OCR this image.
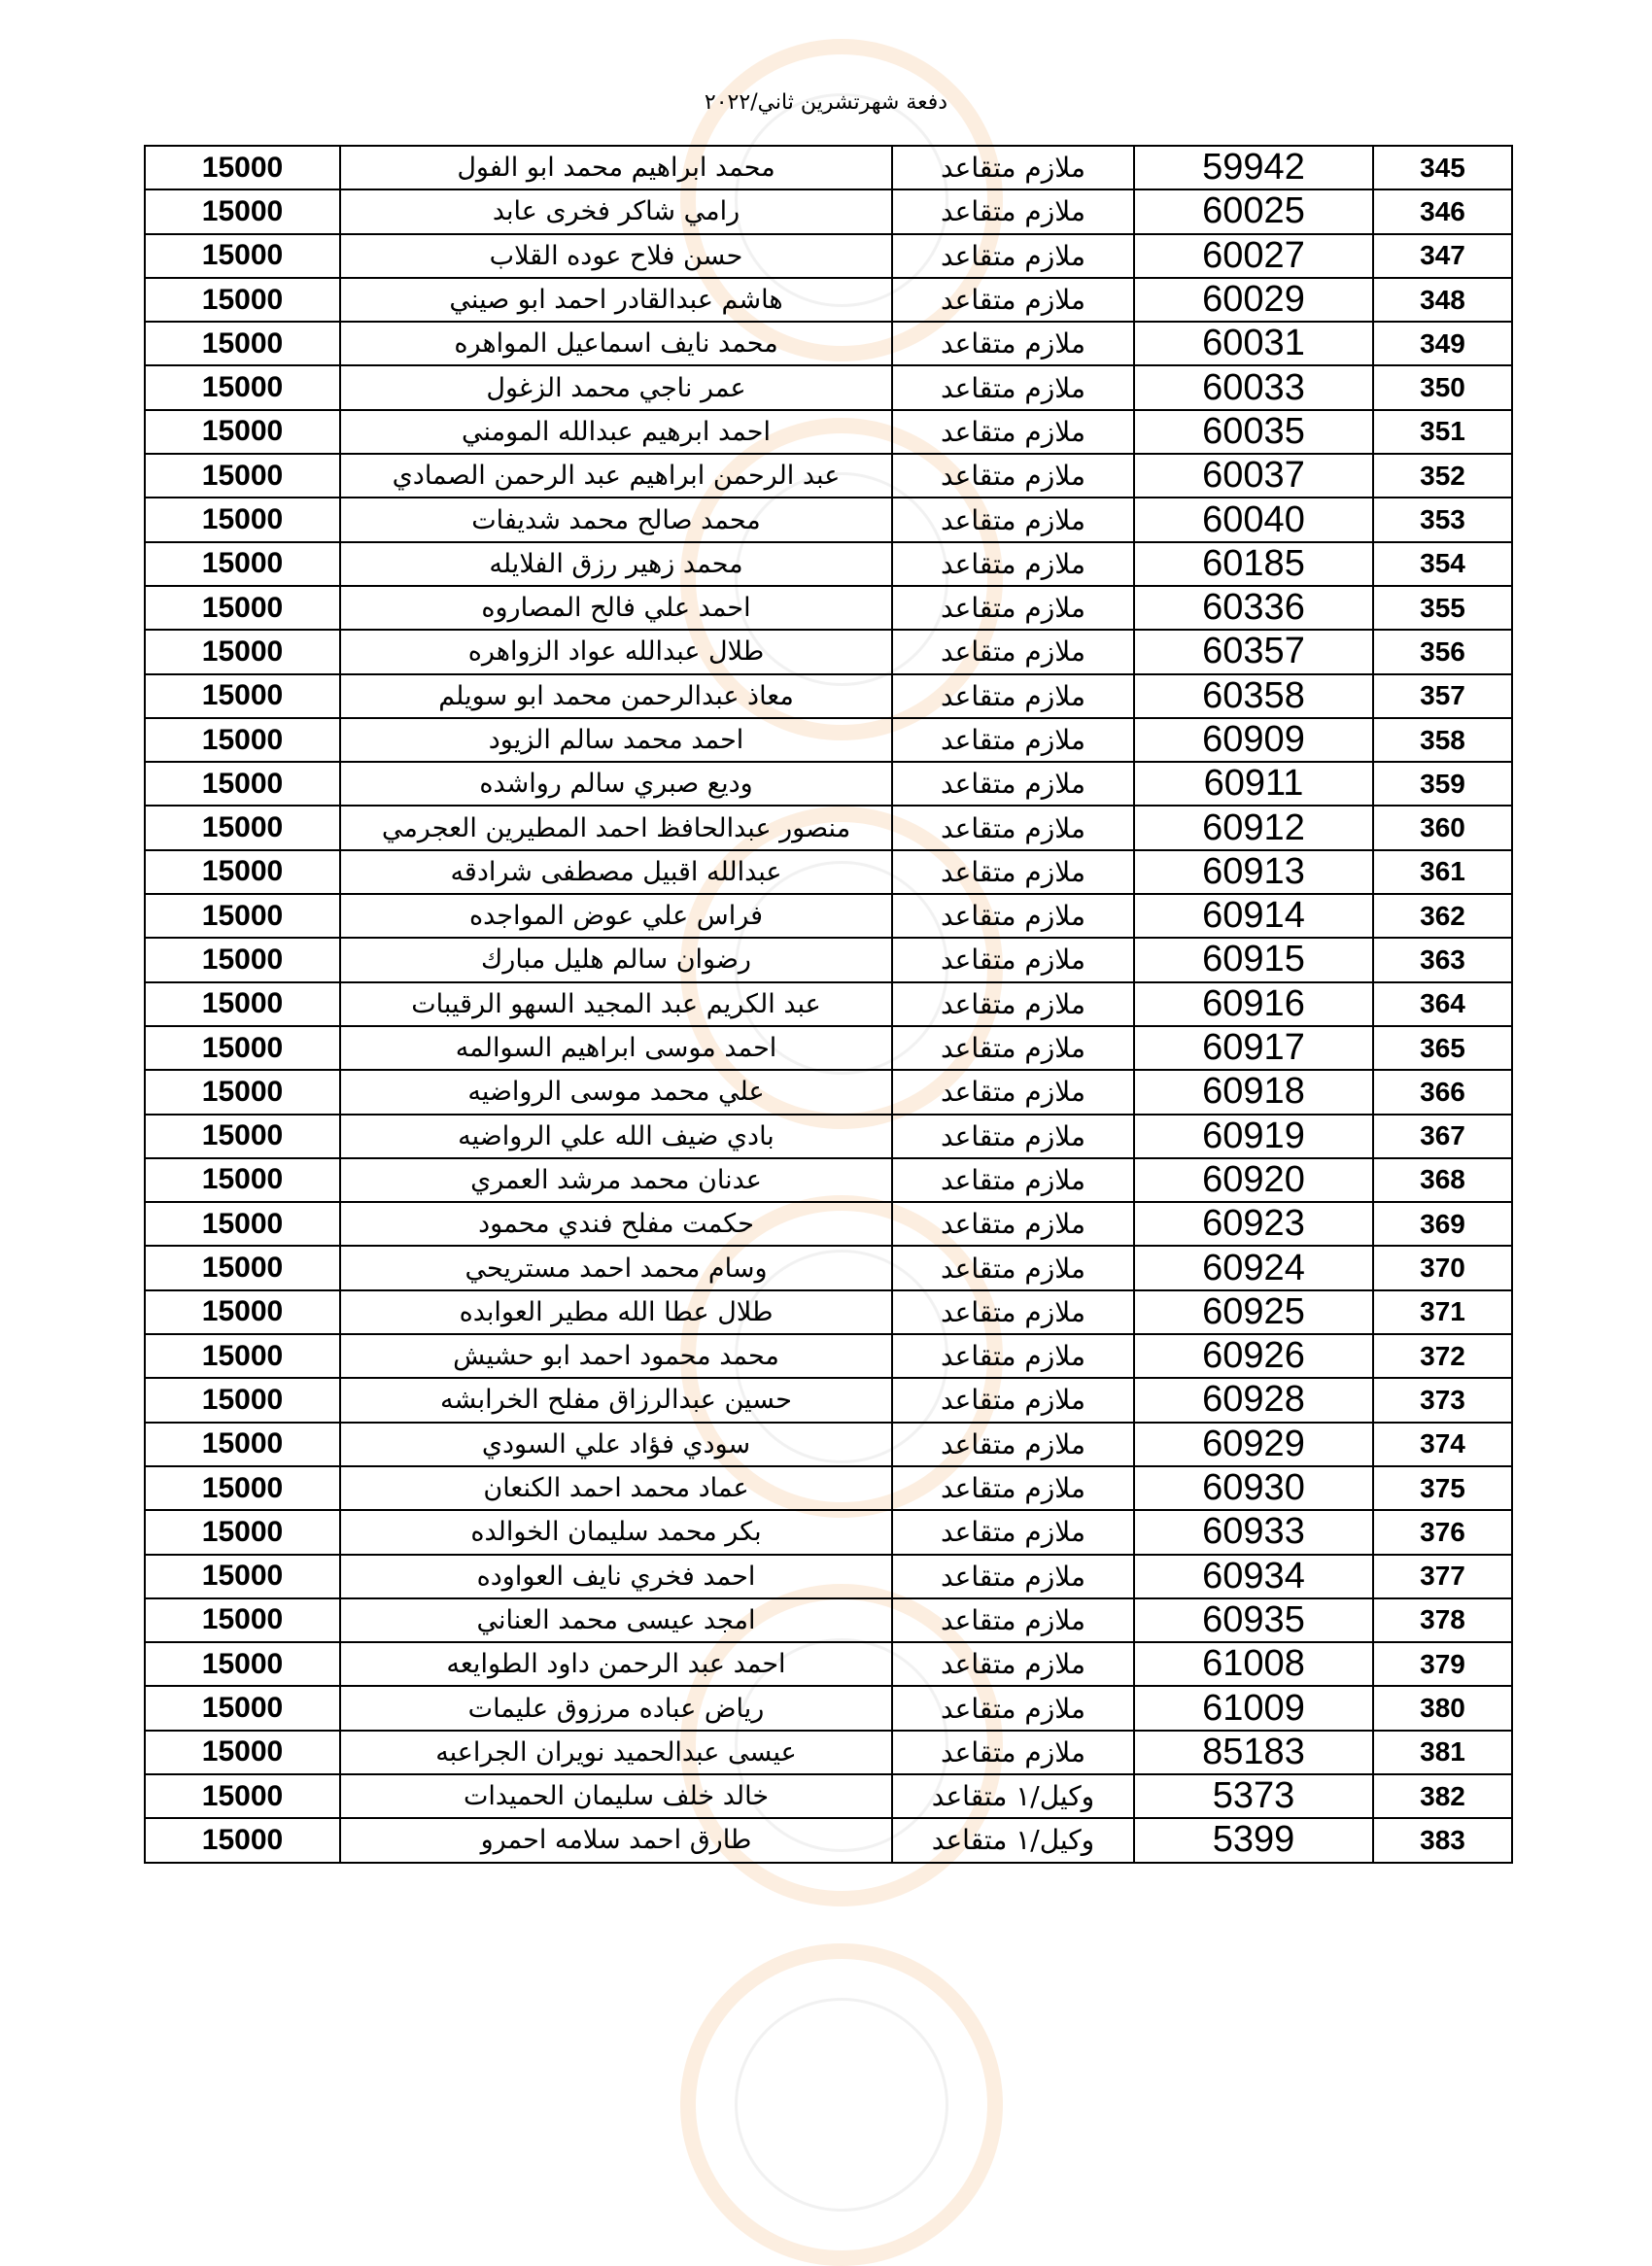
دفعة شهرتشرين ثاني/٢٠٢٢
345	59942	ملازم متقاعد	محمد ابراهيم محمد ابو الفول	15000
346	60025	ملازم متقاعد	رامي شاكر فخرى عابد	15000
347	60027	ملازم متقاعد	حسن فلاح عوده القلاب	15000
348	60029	ملازم متقاعد	هاشم عبدالقادر احمد ابو صيني	15000
349	60031	ملازم متقاعد	محمد نايف اسماعيل المواهره	15000
350	60033	ملازم متقاعد	عمر ناجي محمد الزغول	15000
351	60035	ملازم متقاعد	احمد ابرهيم عبدالله المومني	15000
352	60037	ملازم متقاعد	عبد الرحمن ابراهيم عبد الرحمن الصمادي	15000
353	60040	ملازم متقاعد	محمد صالح محمد شديفات	15000
354	60185	ملازم متقاعد	محمد زهير رزق الفلايله	15000
355	60336	ملازم متقاعد	احمد علي فالح المصاروه	15000
356	60357	ملازم متقاعد	طلال عبدالله عواد الزواهره	15000
357	60358	ملازم متقاعد	معاذ عبدالرحمن محمد ابو سويلم	15000
358	60909	ملازم متقاعد	احمد محمد سالم الزيود	15000
359	60911	ملازم متقاعد	وديع صبري سالم رواشده	15000
360	60912	ملازم متقاعد	منصور عبدالحافظ احمد المطيرين العجرمي	15000
361	60913	ملازم متقاعد	عبدالله اقبيل مصطفى شرادقه	15000
362	60914	ملازم متقاعد	فراس علي عوض المواجده	15000
363	60915	ملازم متقاعد	رضوان سالم هليل مبارك	15000
364	60916	ملازم متقاعد	عبد الكريم عبد المجيد السهو الرقيبات	15000
365	60917	ملازم متقاعد	احمد موسى ابراهيم السوالمه	15000
366	60918	ملازم متقاعد	علي محمد موسى الرواضيه	15000
367	60919	ملازم متقاعد	بادي ضيف الله علي الرواضيه	15000
368	60920	ملازم متقاعد	عدنان محمد مرشد العمري	15000
369	60923	ملازم متقاعد	حكمت مفلح فندي محمود	15000
370	60924	ملازم متقاعد	وسام محمد احمد مستريحي	15000
371	60925	ملازم متقاعد	طلال عطا الله مطير العوابده	15000
372	60926	ملازم متقاعد	محمد محمود احمد ابو حشيش	15000
373	60928	ملازم متقاعد	حسين عبدالرزاق مفلح الخرابشه	15000
374	60929	ملازم متقاعد	سودي فؤاد علي السودي	15000
375	60930	ملازم متقاعد	عماد محمد احمد الكنعان	15000
376	60933	ملازم متقاعد	بكر محمد سليمان الخوالده	15000
377	60934	ملازم متقاعد	احمد فخري نايف العواوده	15000
378	60935	ملازم متقاعد	امجد عيسى محمد العناني	15000
379	61008	ملازم متقاعد	احمد عبد الرحمن داود الطوايعه	15000
380	61009	ملازم متقاعد	رياض عباده مرزوق عليمات	15000
381	85183	ملازم متقاعد	عيسى عبدالحميد نويران الجراعبه	15000
382	5373	وكيل/١ متقاعد	خالد خلف سليمان الحميدات	15000
383	5399	وكيل/١ متقاعد	طارق احمد سلامه احمرو	15000
